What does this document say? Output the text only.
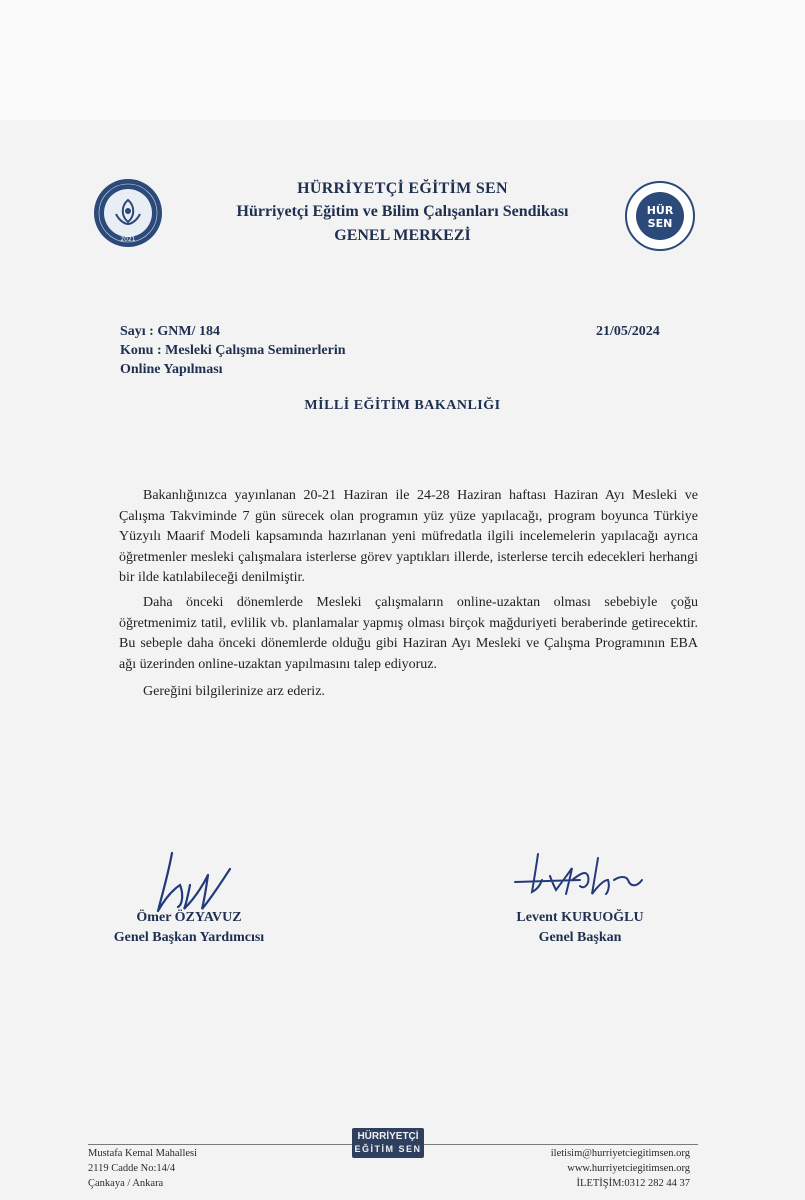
2021
HÜR
SEN
HÜRRİYETÇİ EĞİTİM SEN
Hürriyetçi Eğitim ve Bilim Çalışanları Sendikası
GENEL MERKEZİ
Sayı : GNM/ 184
Konu : Mesleki Çalışma Seminerlerin
Online Yapılması
21/05/2024
MİLLİ EĞİTİM BAKANLIĞI

Bakanlığınızca yayınlanan 20-21 Haziran ile 24-28 Haziran haftası Haziran Ayı Mesleki ve Çalışma Takviminde 7 gün sürecek olan programın yüz yüze yapılacağı, program boyunca Türkiye Yüzyılı Maarif Modeli kapsamında hazırlanan yeni müfredatla ilgili incelemelerin yapılacağı ayrıca öğretmenler mesleki çalışmalara isterlerse görev yaptıkları illerde, isterlerse tercih edecekleri herhangi bir ilde katılabileceği denilmiştir.

Daha önceki dönemlerde Mesleki çalışmaların online-uzaktan olması sebebiyle çoğu öğretmenimiz tatil, evlilik vb. planlamalar yapmış olması birçok mağduriyeti beraberinde getirecektir. Bu sebeple daha önceki dönemlerde olduğu gibi Haziran Ayı Mesleki ve Çalışma Programının EBA ağı üzerinden online-uzaktan yapılmasını talep ediyoruz.

Gereğini bilgilerinize arz ederiz.

Ömer ÖZYAVUZ
Genel Başkan Yardımcısı
Levent KURUOĞLU
Genel Başkan
HÜRRİYETÇİ
EĞİTİM SEN
Mustafa Kemal Mahallesi
2119 Cadde No:14/4
Çankaya / Ankara
iletisim@hurriyetciegitimsen.org
www.hurriyetciegitimsen.org
İLETİŞİM:0312 282 44 37
